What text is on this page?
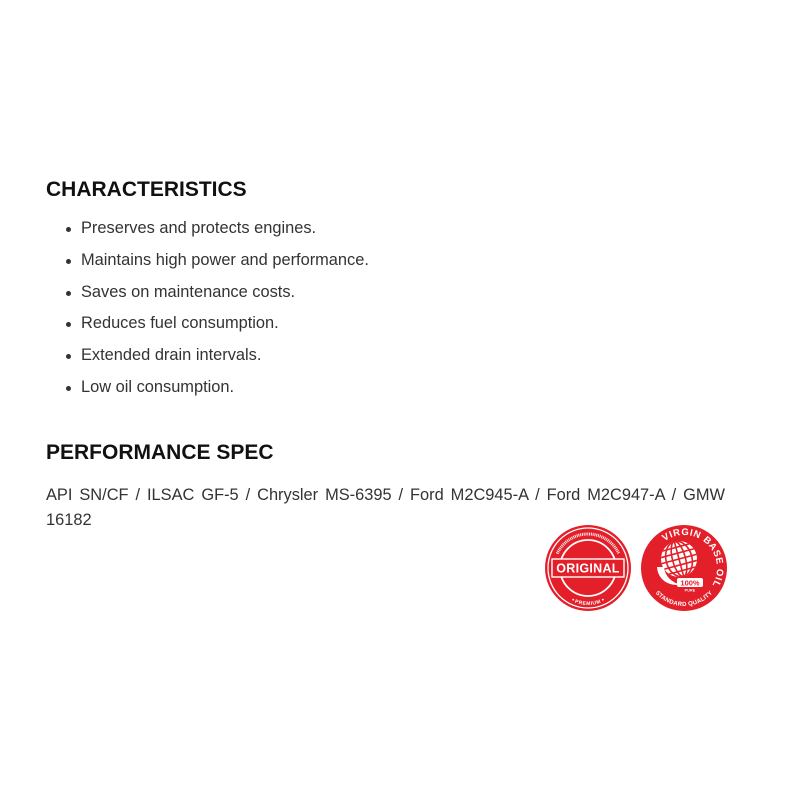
CHARACTERISTICS
Preserves and protects engines.
Maintains high power and performance.
Saves on maintenance costs.
Reduces fuel consumption.
Extended drain intervals.
Low oil consumption.
PERFORMANCE SPEC

API SN/CF / ILSAC GF-5 / Chrysler MS-6395 / Ford M2C945-A / Ford M2C947-A / GMW 16182

ORIGINAL
PREMIUM
VIRGIN BASE OIL
100%
PURE
STANDARD QUALITY
